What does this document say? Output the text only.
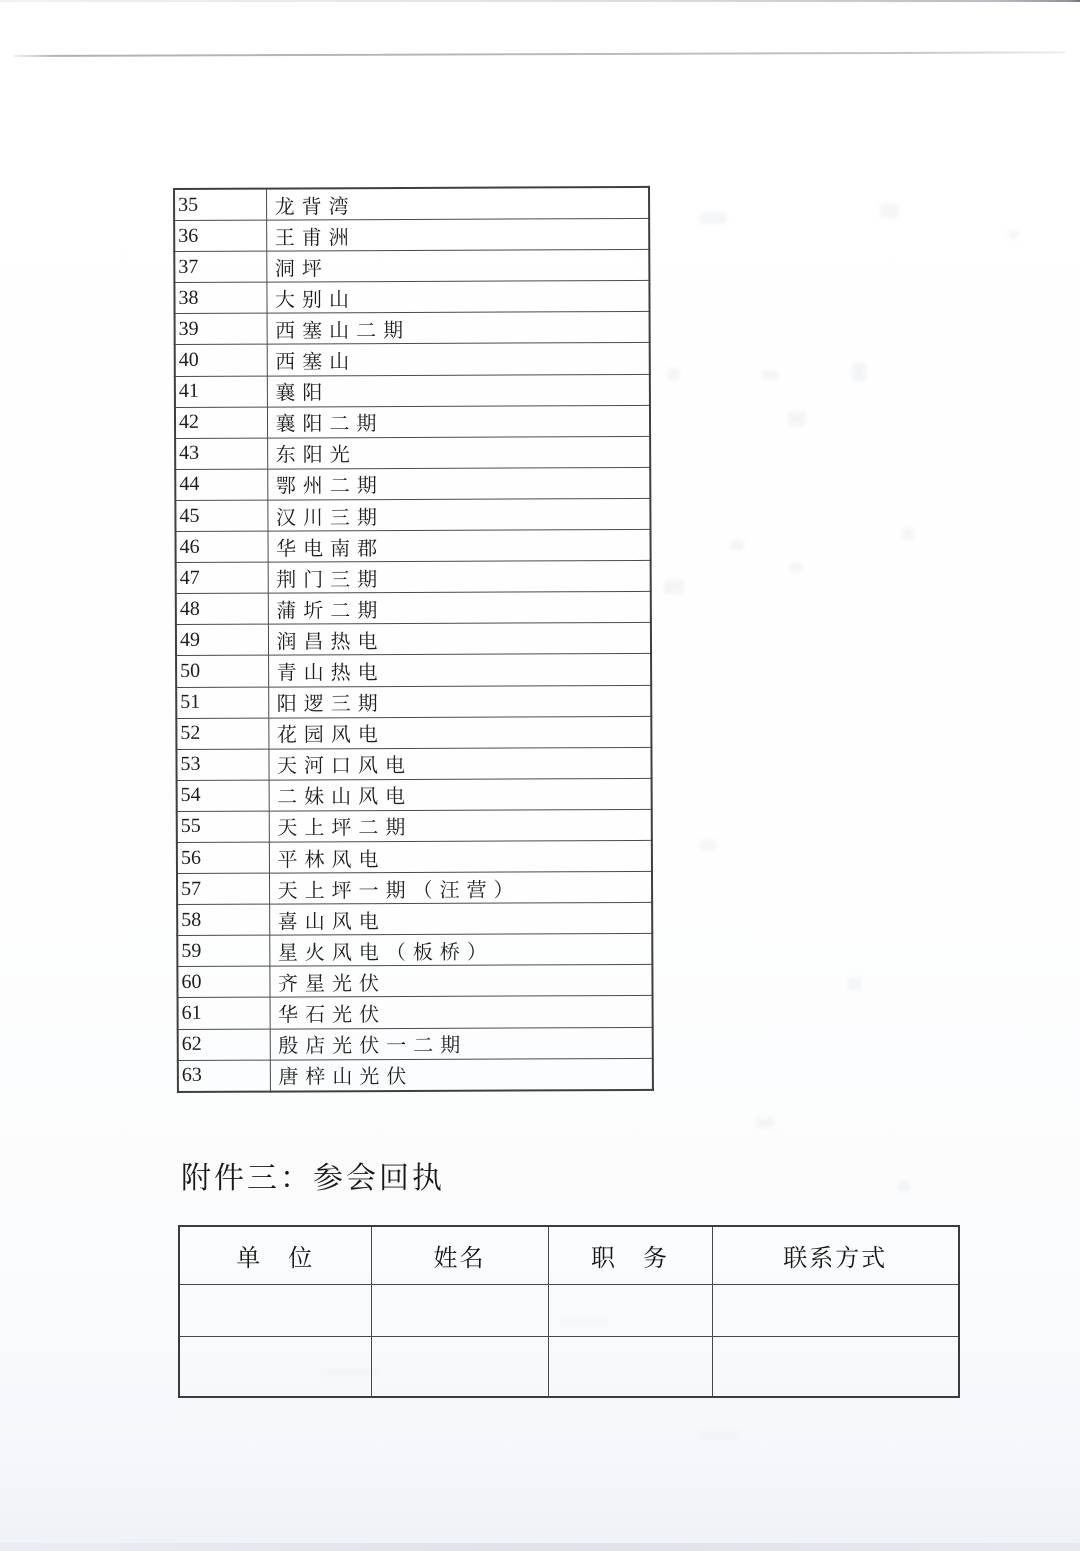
35	龙背湾
36	王甫洲
37	洞坪
38	大别山
39	西塞山二期
40	西塞山
41	襄阳
42	襄阳二期
43	东阳光
44	鄂州二期
45	汉川三期
46	华电南郡
47	荆门三期
48	蒲圻二期
49	润昌热电
50	青山热电
51	阳逻三期
52	花园风电
53	天河口风电
54	二妹山风电
55	天上坪二期
56	平林风电
57	天上坪一期（汪营）
58	喜山风电
59	星火风电（板桥）
60	齐星光伏
61	华石光伏
62	殷店光伏一二期
63	唐梓山光伏
附件三：参会回执
单　位	姓名	职　务	联系方式
